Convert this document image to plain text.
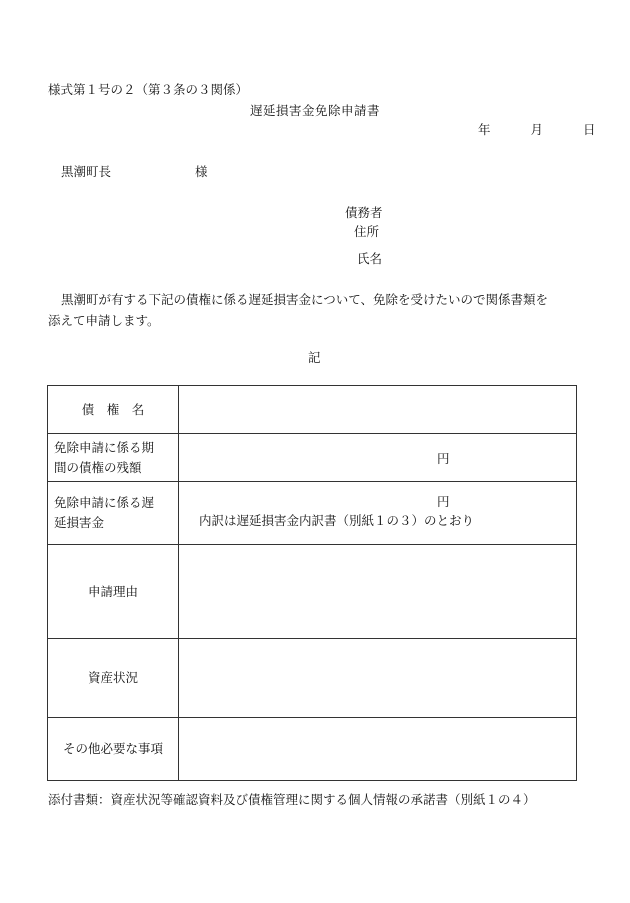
様式第１号の２（第３条の３関係）
遅延損害金免除申請書
年	月	日
黒潮町長	様
債務者
住所
氏名
黒潮町が有する下記の債権に係る遅延損害金について、免除を受けたいので関係書類を
添えて申請します。
記
債　権　名	
免除申請に係る期
間の債権の残額	円

免除申請に係る遅
延損害金	円
内訳は遅延損害金内訳書（別紙１の３）のとおり

申請理由	
資産状況	
その他必要な事項	
添付書類：資産状況等確認資料及び債権管理に関する個人情報の承諾書（別紙１の４）
